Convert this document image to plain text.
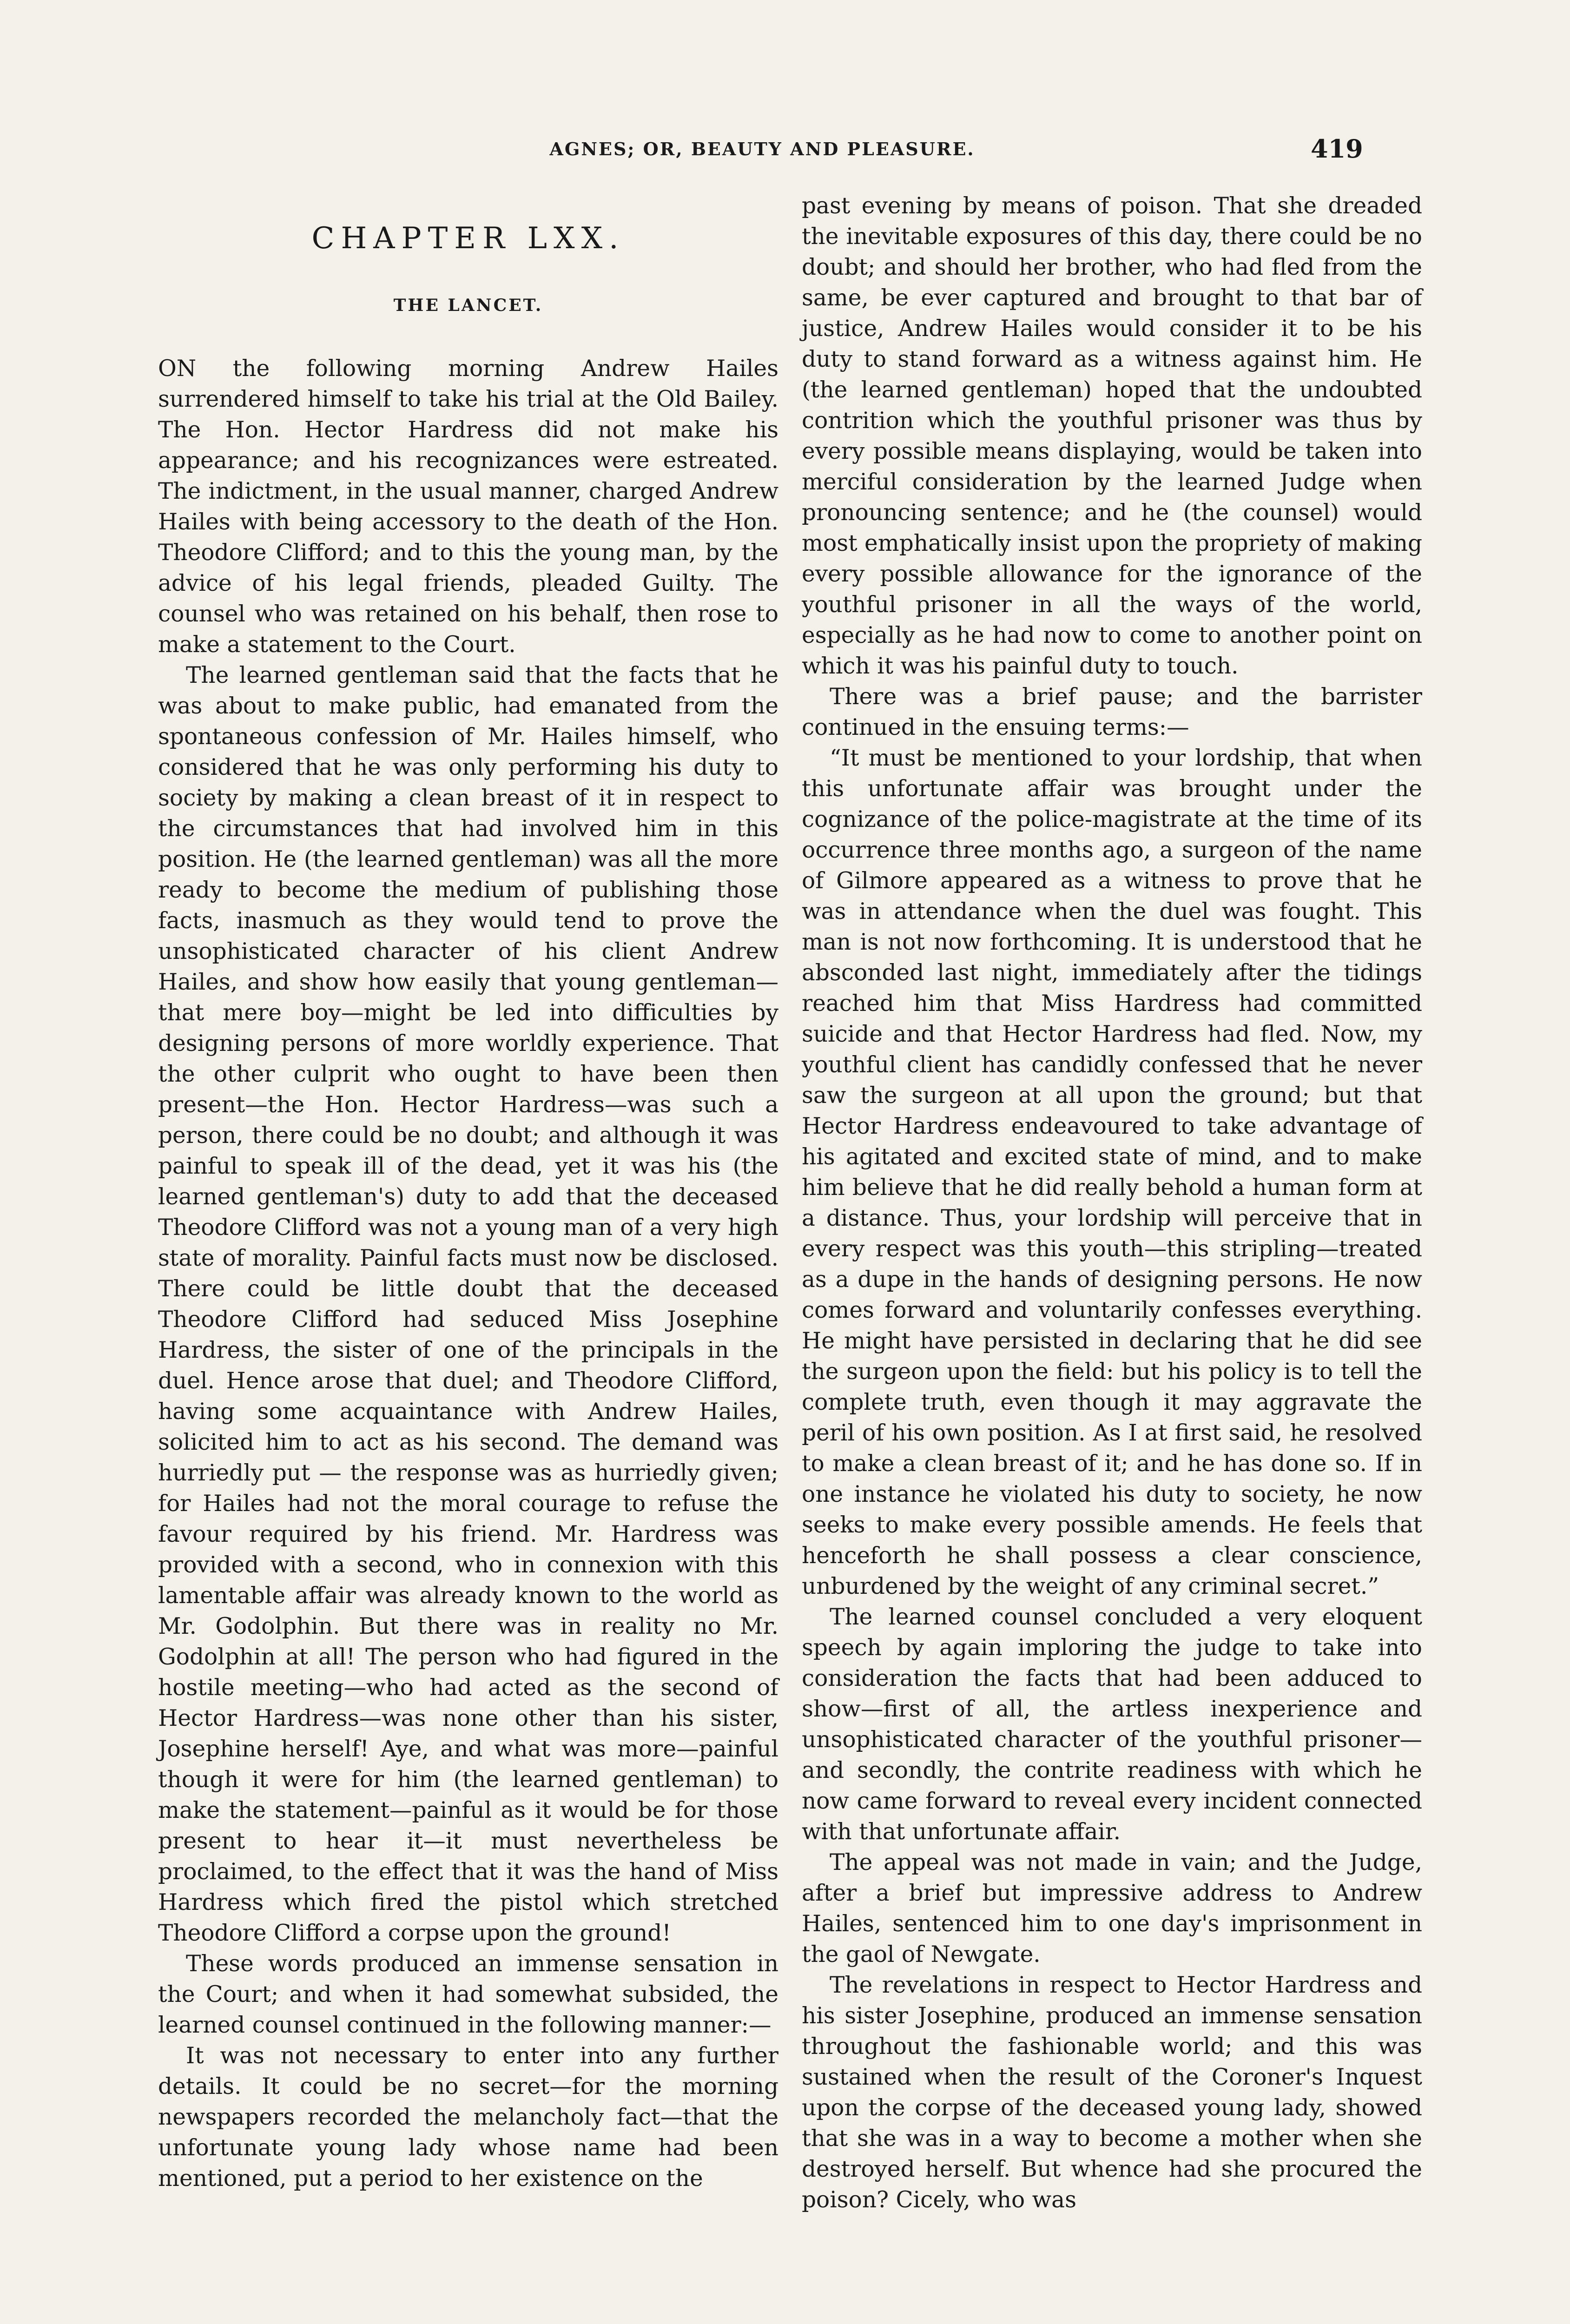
AGNES; OR, BEAUTY AND PLEASURE.	419
CHAPTER LXX.
THE LANCET.

ON the following morning Andrew Hailes surrendered himself to take his trial at the Old Bailey. The Hon. Hector Hardress did not make his appearance; and his recognizances were estreated. The indictment, in the usual manner, charged Andrew Hailes with being accessory to the death of the Hon. Theodore Clifford; and to this the young man, by the advice of his legal friends, pleaded Guilty. The counsel who was retained on his behalf, then rose to make a statement to the Court.

The learned gentleman said that the facts that he was about to make public, had emanated from the spontaneous confession of Mr. Hailes himself, who considered that he was only performing his duty to society by making a clean breast of it in respect to the circumstances that had involved him in this position. He (the learned gentleman) was all the more ready to become the medium of publishing those facts, inasmuch as they would tend to prove the unsophisticated character of his client Andrew Hailes, and show how easily that young gentleman—that mere boy—might be led into difficulties by designing persons of more worldly experience. That the other culprit who ought to have been then present—the Hon. Hector Hardress—was such a person, there could be no doubt; and although it was painful to speak ill of the dead, yet it was his (the learned gentleman's) duty to add that the deceased Theodore Clifford was not a young man of a very high state of morality. Painful facts must now be disclosed. There could be little doubt that the deceased Theodore Clifford had seduced Miss Josephine Hardress, the sister of one of the principals in the duel. Hence arose that duel; and Theodore Clifford, having some acquaintance with Andrew Hailes, solicited him to act as his second. The demand was hurriedly put — the response was as hurriedly given; for Hailes had not the moral courage to refuse the favour required by his friend. Mr. Hardress was provided with a second, who in connexion with this lamentable affair was already known to the world as Mr. Godolphin. But there was in reality no Mr. Godolphin at all! The person who had figured in the hostile meeting—who had acted as the second of Hector Hardress—was none other than his sister, Josephine herself! Aye, and what was more—painful though it were for him (the learned gentleman) to make the statement—painful as it would be for those present to hear it—it must nevertheless be proclaimed, to the effect that it was the hand of Miss Hardress which fired the pistol which stretched Theodore Clifford a corpse upon the ground!

These words produced an immense sensation in the Court; and when it had somewhat subsided, the learned counsel continued in the following manner:—

It was not necessary to enter into any further details. It could be no secret—for the morning newspapers recorded the melancholy fact—that the unfortunate young lady whose name had been mentioned, put a period to her existence on the

past evening by means of poison. That she dreaded the inevitable exposures of this day, there could be no doubt; and should her brother, who had fled from the same, be ever captured and brought to that bar of justice, Andrew Hailes would consider it to be his duty to stand forward as a witness against him. He (the learned gentleman) hoped that the undoubted contrition which the youthful prisoner was thus by every possible means displaying, would be taken into merciful consideration by the learned Judge when pronouncing sentence; and he (the counsel) would most emphatically insist upon the propriety of making every possible allowance for the ignorance of the youthful prisoner in all the ways of the world, especially as he had now to come to another point on which it was his painful duty to touch.

There was a brief pause; and the barrister continued in the ensuing terms:—

“It must be mentioned to your lordship, that when this unfortunate affair was brought under the cognizance of the police-magistrate at the time of its occurrence three months ago, a surgeon of the name of Gilmore appeared as a witness to prove that he was in attendance when the duel was fought. This man is not now forthcoming. It is understood that he absconded last night, immediately after the tidings reached him that Miss Hardress had committed suicide and that Hector Hardress had fled. Now, my youthful client has candidly confessed that he never saw the surgeon at all upon the ground; but that Hector Hardress endeavoured to take advantage of his agitated and excited state of mind, and to make him believe that he did really behold a human form at a distance. Thus, your lordship will perceive that in every respect was this youth—this stripling—treated as a dupe in the hands of designing persons. He now comes forward and voluntarily confesses everything. He might have persisted in declaring that he did see the surgeon upon the field: but his policy is to tell the complete truth, even though it may aggravate the peril of his own position. As I at first said, he resolved to make a clean breast of it; and he has done so. If in one instance he violated his duty to society, he now seeks to make every possible amends. He feels that henceforth he shall possess a clear conscience, unburdened by the weight of any criminal secret.”

The learned counsel concluded a very eloquent speech by again imploring the judge to take into consideration the facts that had been adduced to show—first of all, the artless inexperience and unsophisticated character of the youthful prisoner—and secondly, the contrite readiness with which he now came forward to reveal every incident connected with that unfortunate affair.

The appeal was not made in vain; and the Judge, after a brief but impressive address to Andrew Hailes, sentenced him to one day's imprisonment in the gaol of Newgate.

The revelations in respect to Hector Hardress and his sister Josephine, produced an immense sensation throughout the fashionable world; and this was sustained when the result of the Coroner's Inquest upon the corpse of the deceased young lady, showed that she was in a way to become a mother when she destroyed herself. But whence had she procured the poison? Cicely, who was
